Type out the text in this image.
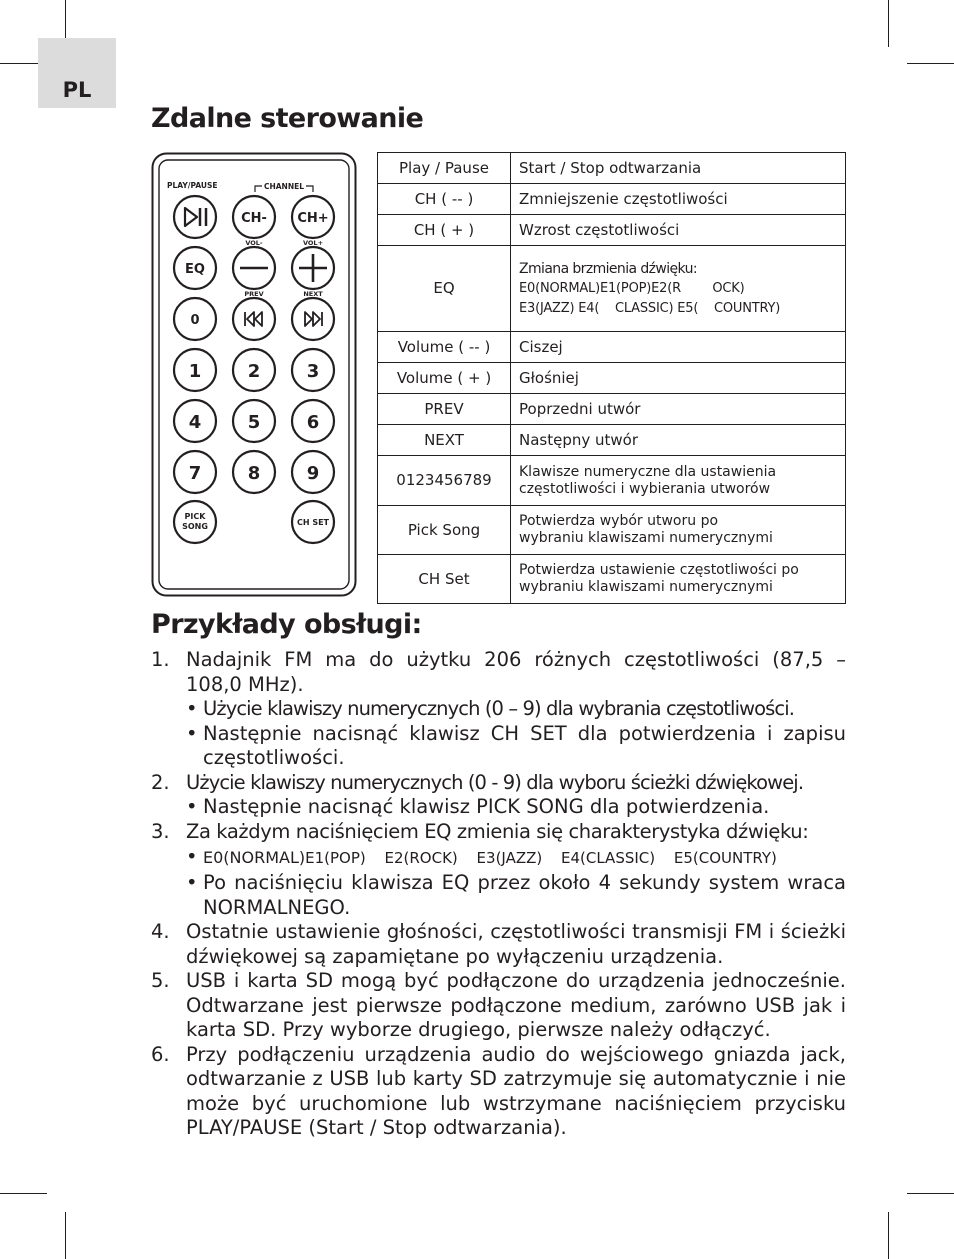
PL
Zdalne sterowanie
PLAY/PAUSE	CHANNEL
CH- CH+
VOL-	VOL+
EQ
PREV	NEXT
0
1	2	3
4	5	6
7	8	9
PICK
SONG	CH SET
Play / Pause	Start / Stop odtwarzania
CH ( -- )	Zmniejszenie częstotliwości
CH ( + )	Wzrost częstotliwości
EQ	Zmiana brzmienia dźwięku:
E0(NORMAL)E1(POP)E2(R        OCK)
E3(JAZZ) E4(    CLASSIC) E5(    COUNTRY)

Volume ( -- )	Ciszej
Volume ( + )	Głośniej
PREV	Poprzedni utwór
NEXT	Następny utwór
0123456789	Klawisze numeryczne dla ustawienia
częstotliwości i wybierania utworów

Pick Song	Potwierdza wybór utworu po
wybraniu klawiszami numerycznymi

CH Set	Potwierdza ustawienie częstotliwości po
wybraniu klawiszami numerycznymi
Przykłady obsługi:
1. Nadajnik FM ma do użytku 206 różnych częstotliwości (87,5 – 108,0 MHz).
• Użycie klawiszy numerycznych (0 – 9) dla wybrania częstotliwości.
• Następnie nacisnąć klawisz CH SET dla potwierdzenia i zapisu częstotliwości.
2. Użycie klawiszy numerycznych (0 - 9) dla wyboru ścieżki dźwiękowej.
• Następnie nacisnąć klawisz PICK SONG dla potwierdzenia.
3. Za każdym naciśnięciem EQ zmienia się charakterystyka dźwięku:
• E0(NORMAL)E1(POP) E2(ROCK) E3(JAZZ) E4(CLASSIC) E5(COUNTRY)
• Po naciśnięciu klawisza EQ przez około 4 sekundy system wraca NORMALNEGO.
4. Ostatnie ustawienie głośności, częstotliwości transmisji FM i ścieżki dźwiękowej są zapamiętane po wyłączeniu urządzenia.
5. USB i karta SD mogą być podłączone do urządzenia jednocześnie. Odtwarzane jest pierwsze podłączone medium, zarówno USB jak i karta SD. Przy wyborze drugiego, pierwsze należy odłączyć.
6. Przy podłączeniu urządzenia audio do wejściowego gniazda jack, odtwarzanie z USB lub karty SD zatrzymuje się automatycznie i nie może być uruchomione lub wstrzymane naciśnięciem przycisku PLAY/PAUSE (Start / Stop odtwarzania).
